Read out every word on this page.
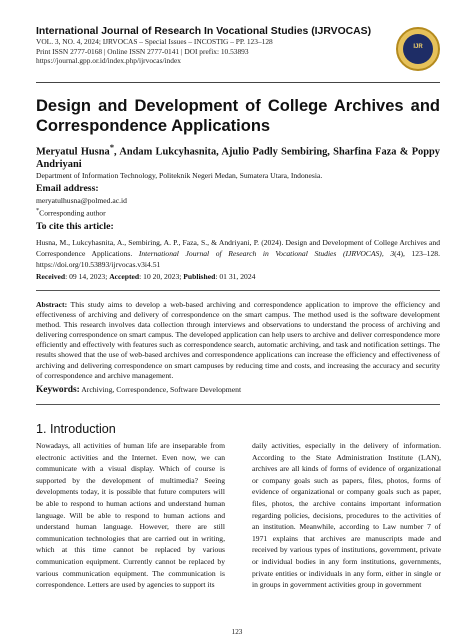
International Journal of Research In Vocational Studies (IJRVOCAS)
VOL. 3, NO. 4, 2024; IJRVOCAS – Special Issues – INCOSTIG – PP. 123–128
Print ISSN 2777-0168 | Online ISSN 2777-0141 | DOI prefix: 10.53893
https://journal.gpp.or.id/index.php/ijrvocas/index
IJR
Design and Development of College Archives and Correspondence Applications
Meryatul Husna*, Andam Lukcyhasnita, Ajulio Padly Sembiring, Sharfina Faza & Poppy Andriyani
Department of Information Technology, Politeknik Negeri Medan, Sumatera Utara, Indonesia.
Email address:
meryatulhusna@polmed.ac.id
*Corresponding author
To cite this article:
Husna, M., Lukcyhasnita, A., Sembiring, A. P., Faza, S., & Andriyani, P. (2024). Design and Development of College Archives and Correspondence Applications. International Journal of Research in Vocational Studies (IJRVOCAS), 3(4), 123–128. https://doi.org/10.53893/ijrvocas.v3i4.51
Received: 09 14, 2023; Accepted: 10 20, 2023; Published: 01 31, 2024
Abstract: This study aims to develop a web-based archiving and correspondence application to improve the efficiency and effectiveness of archiving and delivery of correspondence on the smart campus. The method used is the software development method. This research involves data collection through interviews and observations to understand the process of archiving and delivering correspondence on smart campus. The developed application can help users to archive and deliver correspondence more efficiently and effectively with features such as correspondence search, automatic archiving, and task and notification settings. The results showed that the use of web-based archives and correspondence applications can increase the efficiency and effectiveness of archiving and delivering correspondence on smart campuses by reducing time and costs, and increasing the accuracy and security of correspondence and archive management.
Keywords: Archiving, Correspondence, Software Development
1. Introduction
Nowadays, all activities of human life are inseparable from electronic activities and the Internet. Even now, we can communicate with a visual display. Which of course is supported by the development of multimedia? Seeing developments today, it is possible that future computers will be able to respond to human actions and understand human language. Will be able to respond to human actions and understand human language. However, there are still communication technologies that are carried out in writing, which at this time cannot be replaced by various communication equipment. Currently cannot be replaced by various communication equipment. The communication is correspondence. Letters are used by agencies to support its
daily activities, especially in the delivery of information. According to the State Administration Institute (LAN), archives are all kinds of forms of evidence of organizational or company goals such as papers, files, photos, forms of evidence of organizational or company goals such as paper, files, photos, the archive contains important information regarding policies, decisions, procedures to the activities of an institution. Meanwhile, according to Law number 7 of 1971 explains that archives are manuscripts made and received by various types of institutions, government, private or individual bodies in any form institutions, governments, private entities or individuals in any form, either in single or in groups in government activities group in government
123
